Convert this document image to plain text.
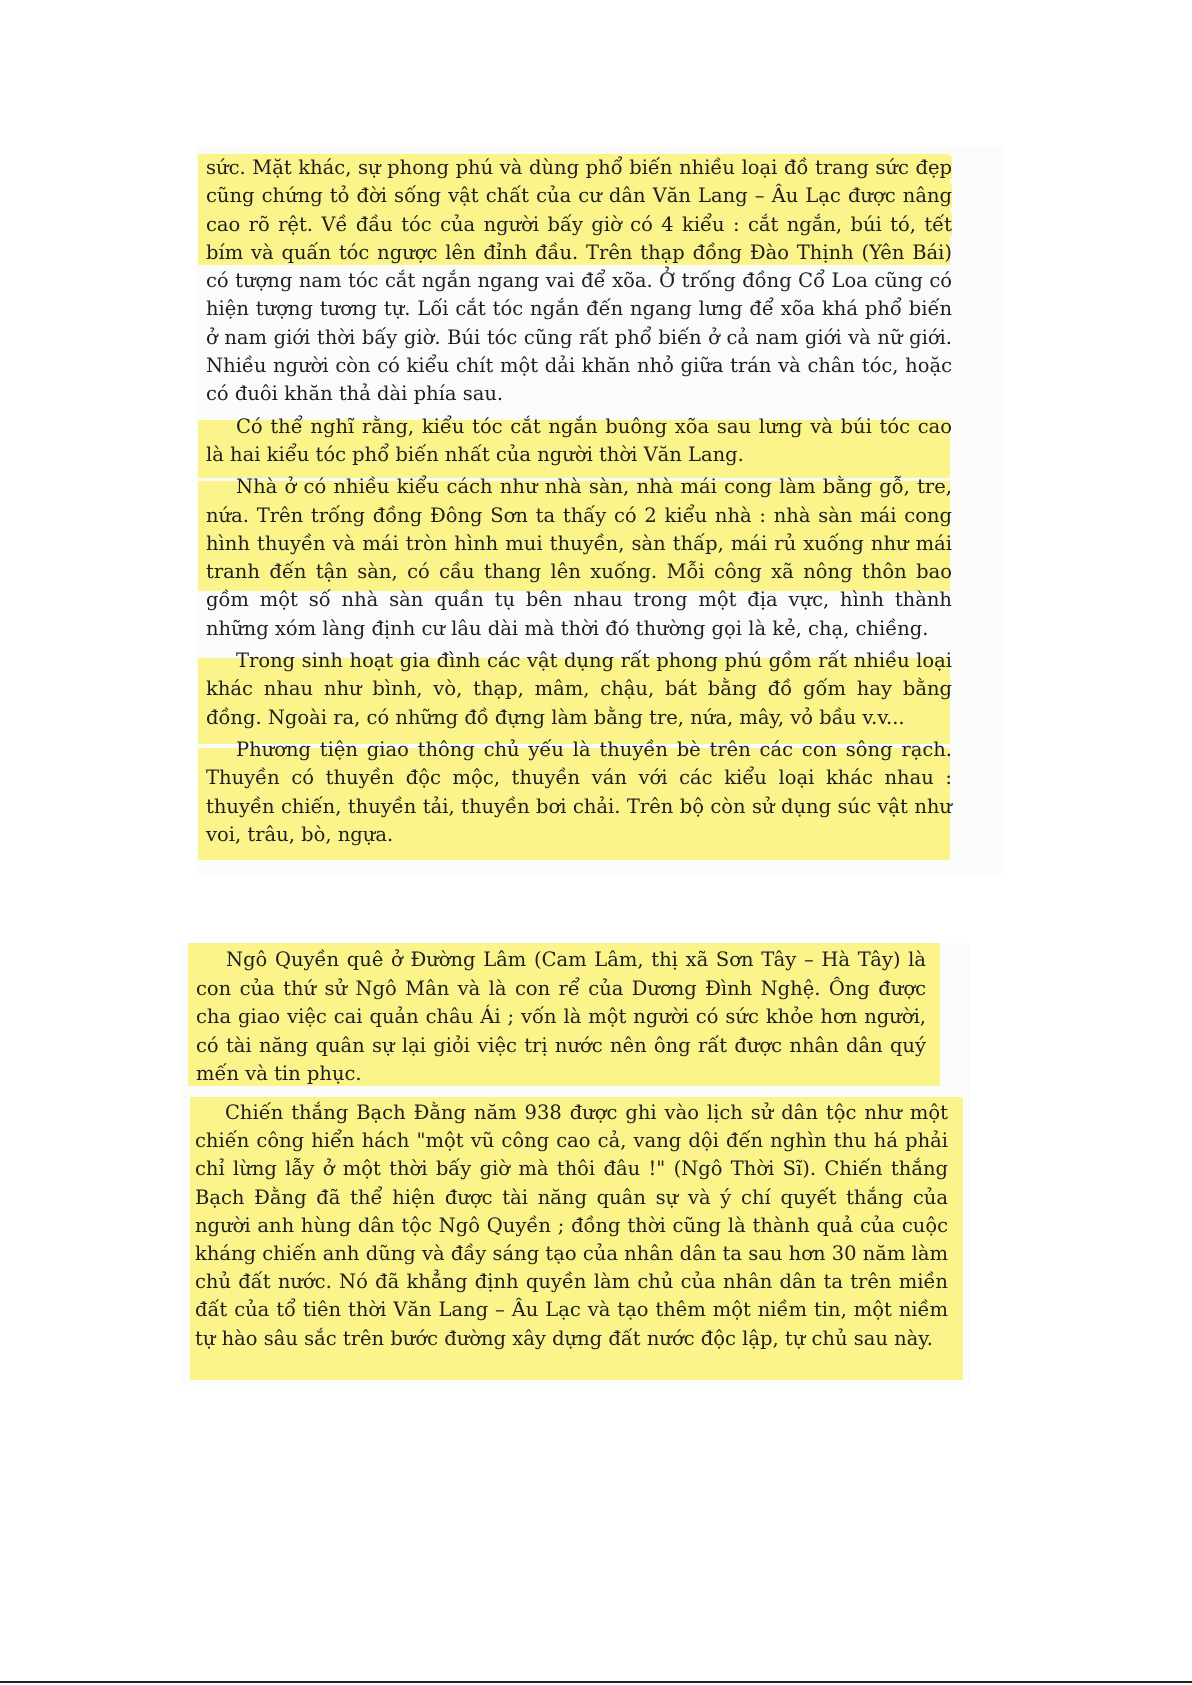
sức. Mặt khác, sự phong phú và dùng phổ biến nhiều loại đồ trang sức đẹp cũng chứng tỏ đời sống vật chất của cư dân Văn Lang – Âu Lạc được nâng cao rõ rệt. Về đầu tóc của người bấy giờ có 4 kiểu : cắt ngắn, búi tó, tết bím và quấn tóc ngược lên đỉnh đầu. Trên thạp đồng Đào Thịnh (Yên Bái) có tượng nam tóc cắt ngắn ngang vai để xõa. Ở trống đồng Cổ Loa cũng có hiện tượng tương tự. Lối cắt tóc ngắn đến ngang lưng để xõa khá phổ biến ở nam giới thời bấy giờ. Búi tóc cũng rất phổ biến ở cả nam giới và nữ giới. Nhiều người còn có kiểu chít một dải khăn nhỏ giữa trán và chân tóc, hoặc có đuôi khăn thả dài phía sau.

Có thể nghĩ rằng, kiểu tóc cắt ngắn buông xõa sau lưng và búi tóc cao là hai kiểu tóc phổ biến nhất của người thời Văn Lang.

Nhà ở có nhiều kiểu cách như nhà sàn, nhà mái cong làm bằng gỗ, tre, nứa. Trên trống đồng Đông Sơn ta thấy có 2 kiểu nhà : nhà sàn mái cong hình thuyền và mái tròn hình mui thuyền, sàn thấp, mái rủ xuống như mái tranh đến tận sàn, có cầu thang lên xuống. Mỗi công xã nông thôn bao gồm một số nhà sàn quần tụ bên nhau trong một địa vực, hình thành những xóm làng định cư lâu dài mà thời đó thường gọi là kẻ, chạ, chiềng.

Trong sinh hoạt gia đình các vật dụng rất phong phú gồm rất nhiều loại khác nhau như bình, vò, thạp, mâm, chậu, bát bằng đồ gốm hay bằng đồng. Ngoài ra, có những đồ đựng làm bằng tre, nứa, mây, vỏ bầu v.v...

Phương tiện giao thông chủ yếu là thuyền bè trên các con sông rạch. Thuyền có thuyền độc mộc, thuyền ván với các kiểu loại khác nhau : thuyền chiến, thuyền tải, thuyền bơi chải. Trên bộ còn sử dụng súc vật như voi, trâu, bò, ngựa.

Ngô Quyền quê ở Đường Lâm (Cam Lâm, thị xã Sơn Tây – Hà Tây) là con của thứ sử Ngô Mân và là con rể của Dương Đình Nghệ. Ông được cha giao việc cai quản châu Ái ; vốn là một người có sức khỏe hơn người, có tài năng quân sự lại giỏi việc trị nước nên ông rất được nhân dân quý mến và tin phục.

Chiến thắng Bạch Đằng năm 938 được ghi vào lịch sử dân tộc như một chiến công hiển hách "một vũ công cao cả, vang dội đến nghìn thu há phải chỉ lừng lẫy ở một thời bấy giờ mà thôi đâu !" (Ngô Thời Sĩ). Chiến thắng Bạch Đằng đã thể hiện được tài năng quân sự và ý chí quyết thắng của người anh hùng dân tộc Ngô Quyền ; đồng thời cũng là thành quả của cuộc kháng chiến anh dũng và đầy sáng tạo của nhân dân ta sau hơn 30 năm làm chủ đất nước. Nó đã khẳng định quyền làm chủ của nhân dân ta trên miền đất của tổ tiên thời Văn Lang – Âu Lạc và tạo thêm một niềm tin, một niềm tự hào sâu sắc trên bước đường xây dựng đất nước độc lập, tự chủ sau này.
